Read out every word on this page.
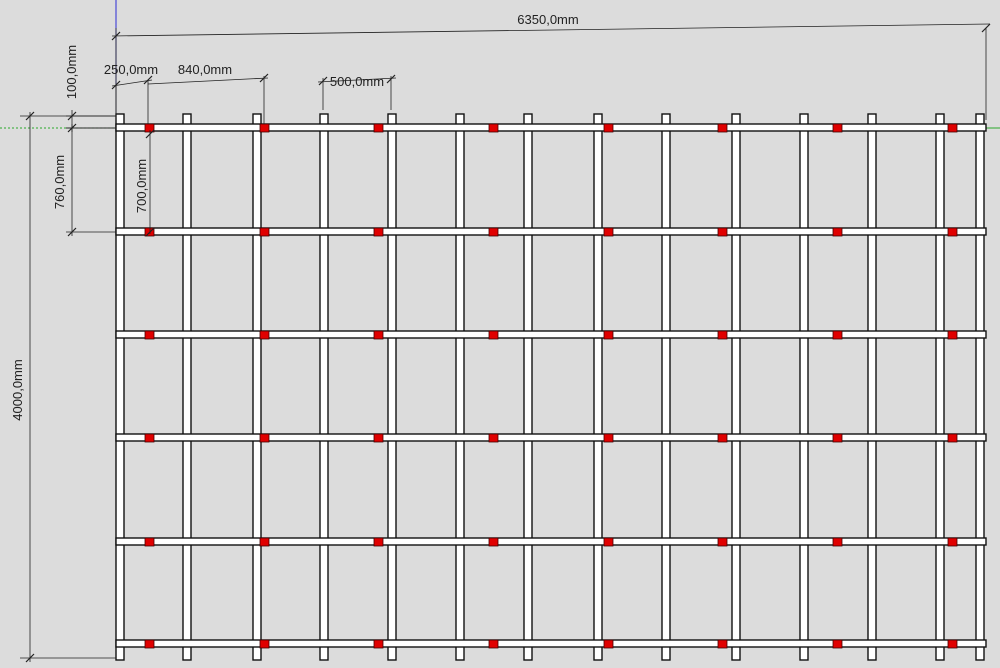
6350,0mm
250,0mm 840,0mm
500,0mm
100,0mm
760,0mm	700,0mm
4000,0mm
